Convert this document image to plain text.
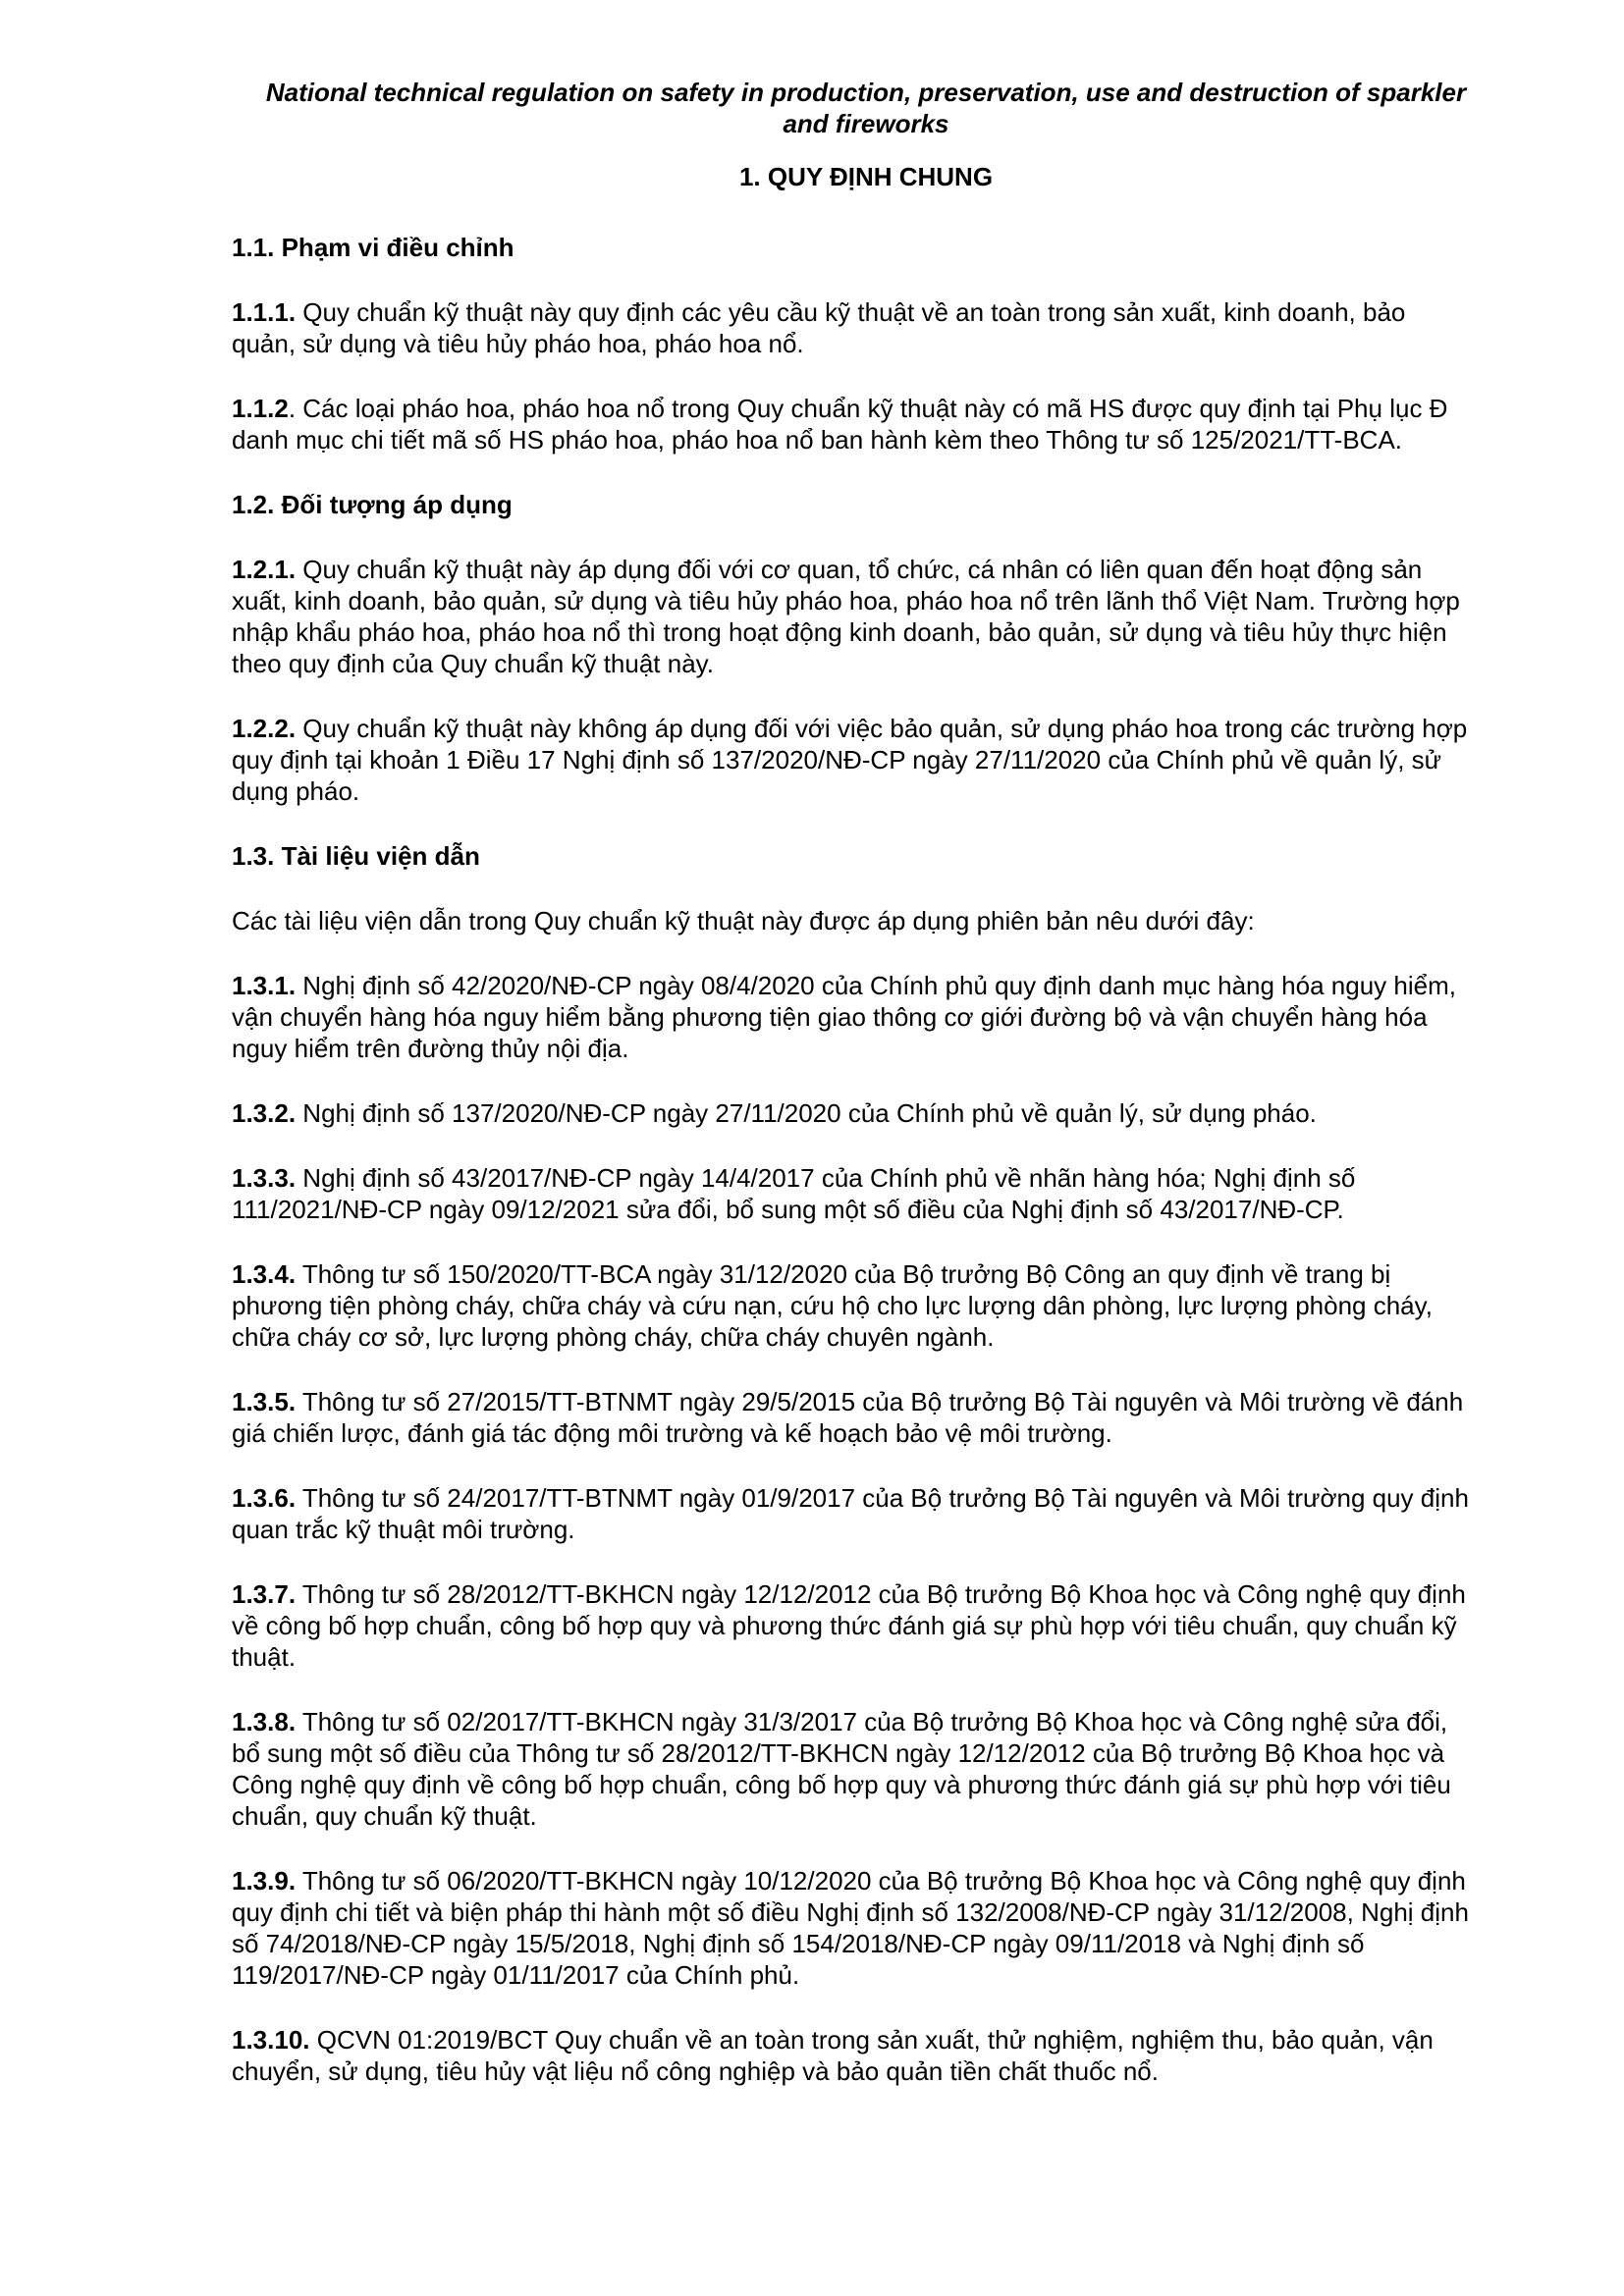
National technical regulation on safety in production, preservation, use and destruction of sparkler and fireworks
1. QUY ĐỊNH CHUNG
1.1. Phạm vi điều chỉnh
1.1.1. Quy chuẩn kỹ thuật này quy định các yêu cầu kỹ thuật về an toàn trong sản xuất, kinh doanh, bảo quản, sử dụng và tiêu hủy pháo hoa, pháo hoa nổ.
1.1.2. Các loại pháo hoa, pháo hoa nổ trong Quy chuẩn kỹ thuật này có mã HS được quy định tại Phụ lục Đ danh mục chi tiết mã số HS pháo hoa, pháo hoa nổ ban hành kèm theo Thông tư số 125/2021/TT-BCA.
1.2. Đối tượng áp dụng
1.2.1. Quy chuẩn kỹ thuật này áp dụng đối với cơ quan, tổ chức, cá nhân có liên quan đến hoạt động sản xuất, kinh doanh, bảo quản, sử dụng và tiêu hủy pháo hoa, pháo hoa nổ trên lãnh thổ Việt Nam. Trường hợp nhập khẩu pháo hoa, pháo hoa nổ thì trong hoạt động kinh doanh, bảo quản, sử dụng và tiêu hủy thực hiện theo quy định của Quy chuẩn kỹ thuật này.
1.2.2. Quy chuẩn kỹ thuật này không áp dụng đối với việc bảo quản, sử dụng pháo hoa trong các trường hợp quy định tại khoản 1 Điều 17 Nghị định số 137/2020/NĐ-CP ngày 27/11/2020 của Chính phủ về quản lý, sử dụng pháo.
1.3. Tài liệu viện dẫn
Các tài liệu viện dẫn trong Quy chuẩn kỹ thuật này được áp dụng phiên bản nêu dưới đây:
1.3.1. Nghị định số 42/2020/NĐ-CP ngày 08/4/2020 của Chính phủ quy định danh mục hàng hóa nguy hiểm, vận chuyển hàng hóa nguy hiểm bằng phương tiện giao thông cơ giới đường bộ và vận chuyển hàng hóa nguy hiểm trên đường thủy nội địa.
1.3.2. Nghị định số 137/2020/NĐ-CP ngày 27/11/2020 của Chính phủ về quản lý, sử dụng pháo.
1.3.3. Nghị định số 43/2017/NĐ-CP ngày 14/4/2017 của Chính phủ về nhãn hàng hóa; Nghị định số 111/2021/NĐ-CP ngày 09/12/2021 sửa đổi, bổ sung một số điều của Nghị định số 43/2017/NĐ-CP.
1.3.4. Thông tư số 150/2020/TT-BCA ngày 31/12/2020 của Bộ trưởng Bộ Công an quy định về trang bị phương tiện phòng cháy, chữa cháy và cứu nạn, cứu hộ cho lực lượng dân phòng, lực lượng phòng cháy, chữa cháy cơ sở, lực lượng phòng cháy, chữa cháy chuyên ngành.
1.3.5. Thông tư số 27/2015/TT-BTNMT ngày 29/5/2015 của Bộ trưởng Bộ Tài nguyên và Môi trường về đánh giá chiến lược, đánh giá tác động môi trường và kế hoạch bảo vệ môi trường.
1.3.6. Thông tư số 24/2017/TT-BTNMT ngày 01/9/2017 của Bộ trưởng Bộ Tài nguyên và Môi trường quy định quan trắc kỹ thuật môi trường.
1.3.7. Thông tư số 28/2012/TT-BKHCN ngày 12/12/2012 của Bộ trưởng Bộ Khoa học và Công nghệ quy định về công bố hợp chuẩn, công bố hợp quy và phương thức đánh giá sự phù hợp với tiêu chuẩn, quy chuẩn kỹ thuật.
1.3.8. Thông tư số 02/2017/TT-BKHCN ngày 31/3/2017 của Bộ trưởng Bộ Khoa học và Công nghệ sửa đổi, bổ sung một số điều của Thông tư số 28/2012/TT-BKHCN ngày 12/12/2012 của Bộ trưởng Bộ Khoa học và Công nghệ quy định về công bố hợp chuẩn, công bố hợp quy và phương thức đánh giá sự phù hợp với tiêu chuẩn, quy chuẩn kỹ thuật.
1.3.9. Thông tư số 06/2020/TT-BKHCN ngày 10/12/2020 của Bộ trưởng Bộ Khoa học và Công nghệ quy định quy định chi tiết và biện pháp thi hành một số điều Nghị định số 132/2008/NĐ-CP ngày 31/12/2008, Nghị định số 74/2018/NĐ-CP ngày 15/5/2018, Nghị định số 154/2018/NĐ-CP ngày 09/11/2018 và Nghị định số 119/2017/NĐ-CP ngày 01/11/2017 của Chính phủ.
1.3.10. QCVN 01:2019/BCT Quy chuẩn về an toàn trong sản xuất, thử nghiệm, nghiệm thu, bảo quản, vận chuyển, sử dụng, tiêu hủy vật liệu nổ công nghiệp và bảo quản tiền chất thuốc nổ.
